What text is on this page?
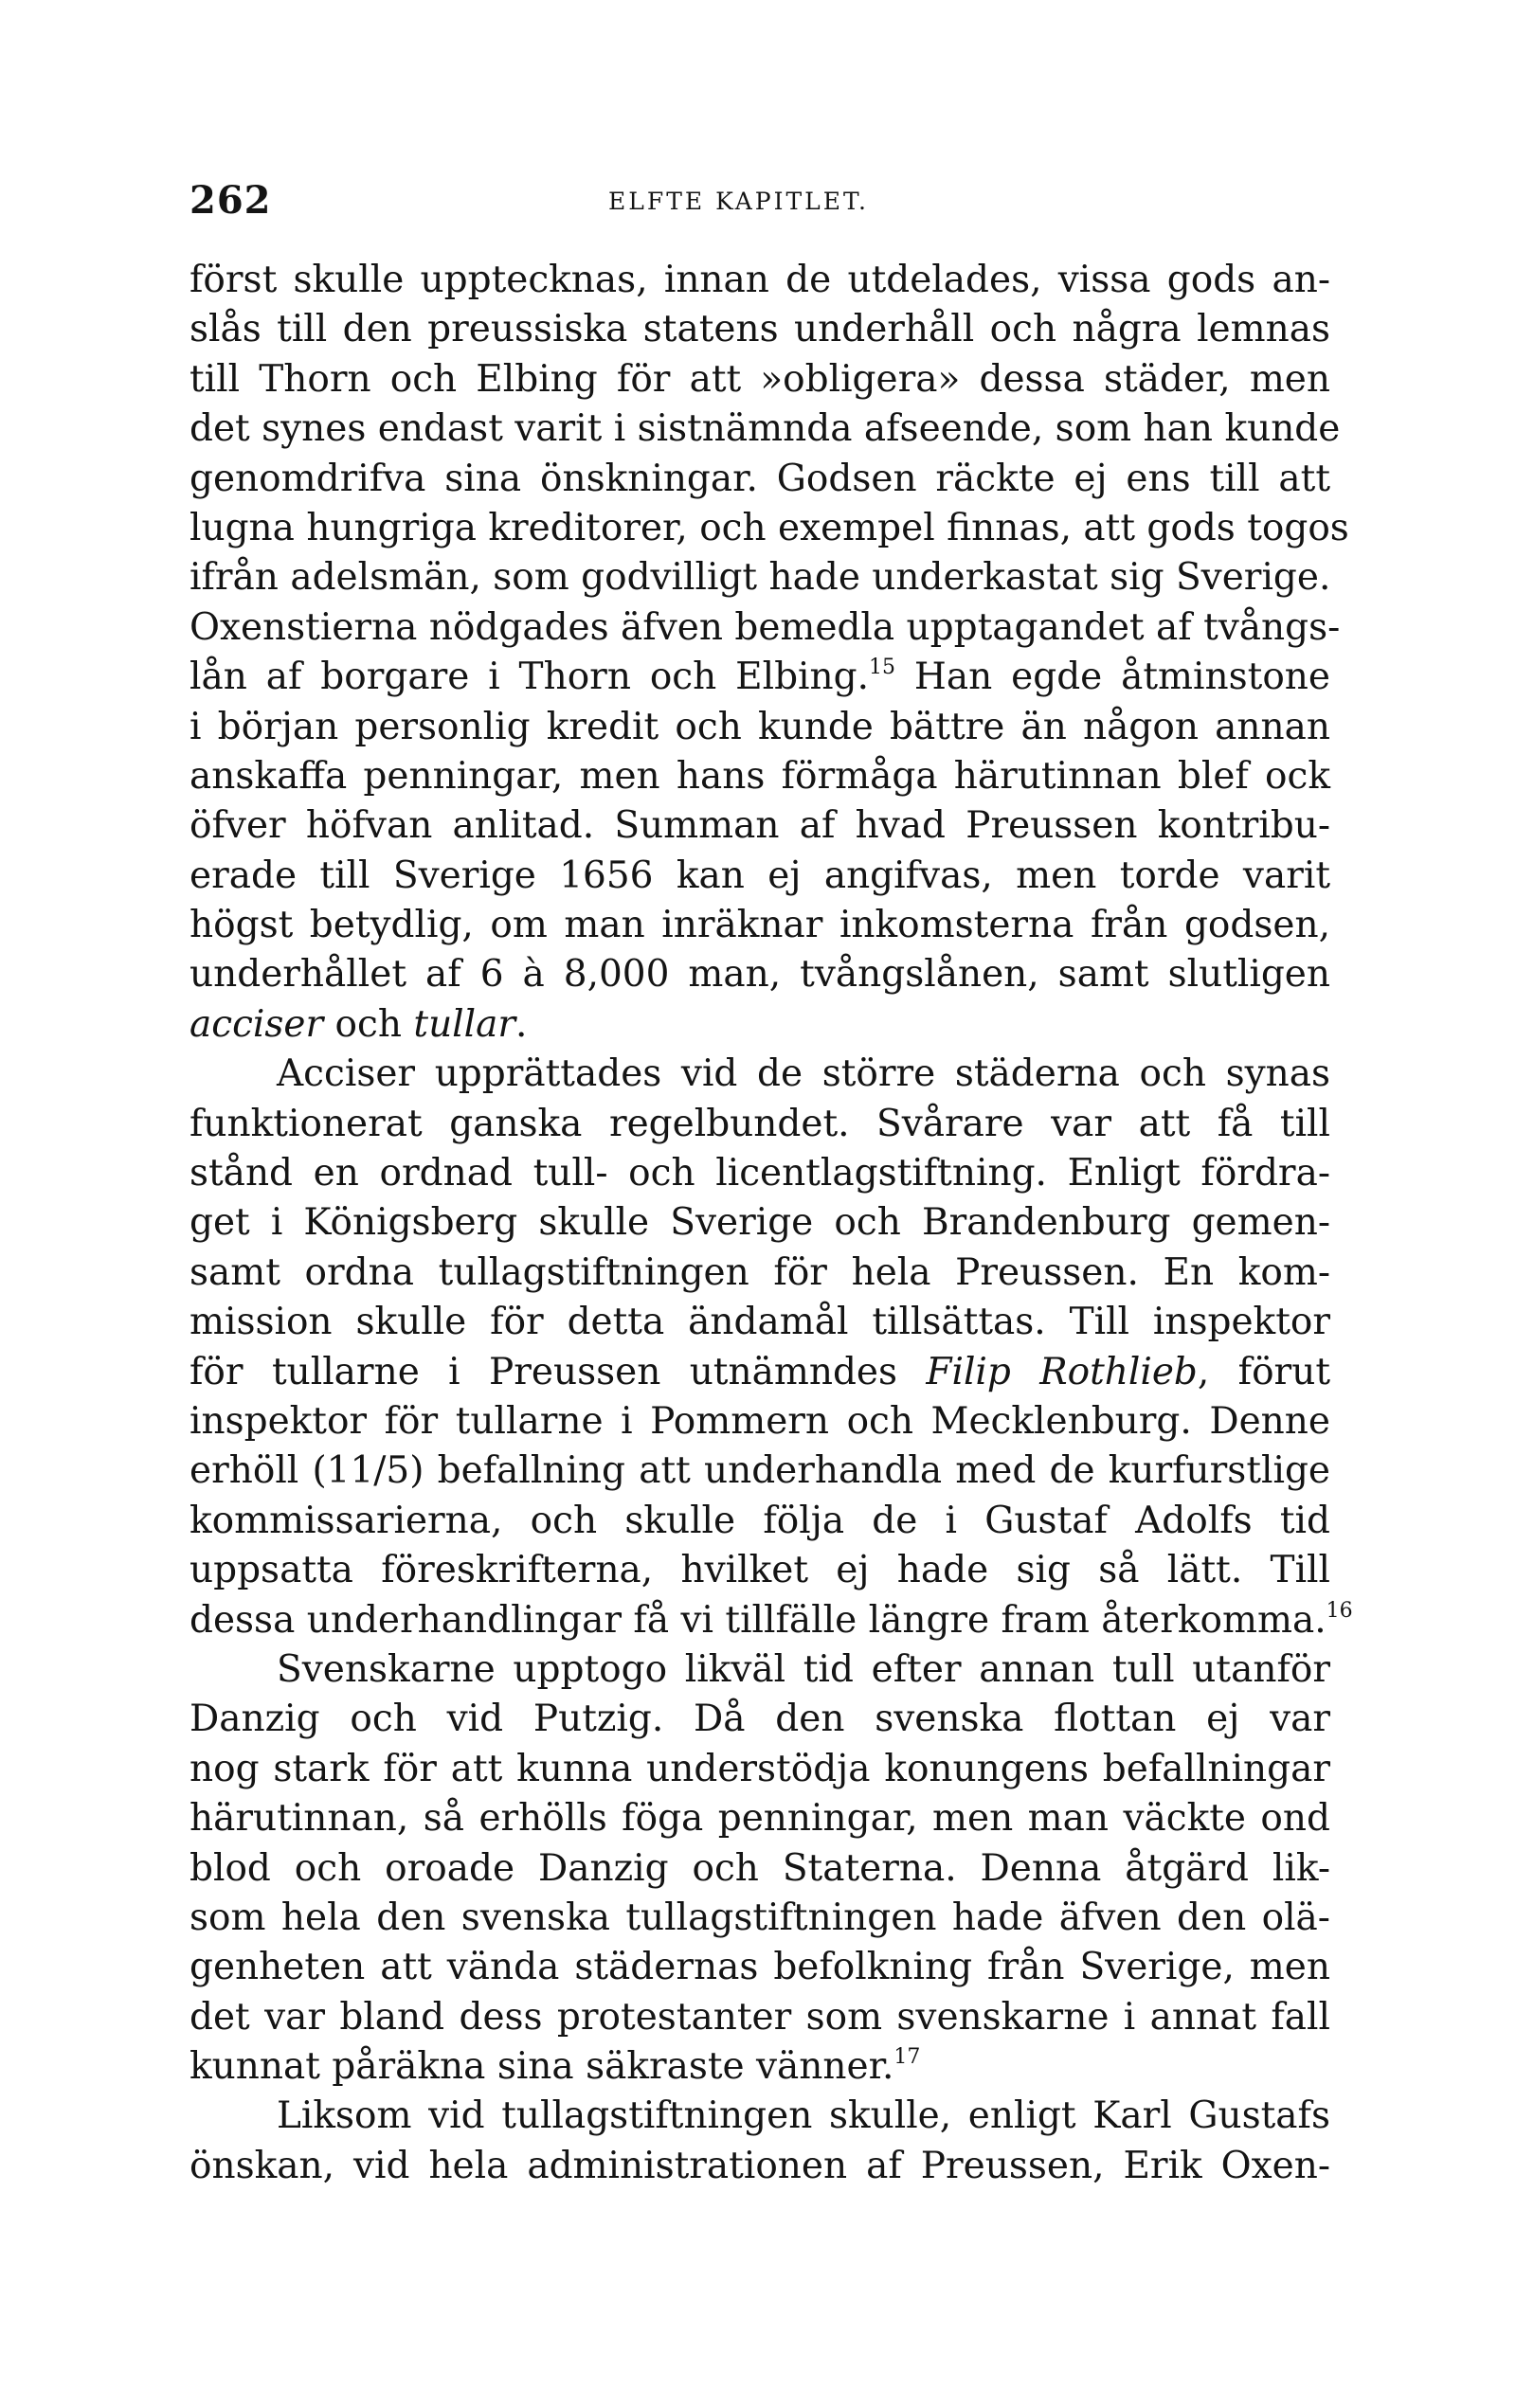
262	ELFTE KAPITLET.
först skulle upptecknas, innan de utdelades, vissa gods an-
slås till den preussiska statens underhåll och några lemnas
till Thorn och Elbing för att »obligera» dessa städer, men
det synes endast varit i sistnämnda afseende, som han kunde
genomdrifva sina önskningar. Godsen räckte ej ens till att
lugna hungriga kreditorer, och exempel finnas, att gods togos
ifrån adelsmän, som godvilligt hade underkastat sig Sverige.
Oxenstierna nödgades äfven bemedla upptagandet af tvångs-
lån af borgare i Thorn och Elbing.$^{15}$ Han egde åtminstone
i början personlig kredit och kunde bättre än någon annan
anskaffa penningar, men hans förmåga härutinnan blef ock
öfver höfvan anlitad. Summan af hvad Preussen kontribu-
erade till Sverige 1656 kan ej angifvas, men torde varit
högst betydlig, om man inräknar inkomsterna från godsen,
underhållet af 6 à 8,000 man, tvångslånen, samt slutligen
acciser och tullar.
Acciser upprättades vid de större städerna och synas
funktionerat ganska regelbundet. Svårare var att få till
stånd en ordnad tull- och licentlagstiftning. Enligt fördra-
get i Königsberg skulle Sverige och Brandenburg gemen-
samt ordna tullagstiftningen för hela Preussen. En kom-
mission skulle för detta ändamål tillsättas. Till inspektor
för tullarne i Preussen utnämndes Filip Rothlieb, förut
inspektor för tullarne i Pommern och Mecklenburg. Denne
erhöll (11/5) befallning att underhandla med de kurfurstlige
kommissarierna, och skulle följa de i Gustaf Adolfs tid
uppsatta föreskrifterna, hvilket ej hade sig så lätt. Till
dessa underhandlingar få vi tillfälle längre fram återkomma.$^{16}$
Svenskarne upptogo likväl tid efter annan tull utanför
Danzig och vid Putzig. Då den svenska flottan ej var
nog stark för att kunna understödja konungens befallningar
härutinnan, så erhölls föga penningar, men man väckte ond
blod och oroade Danzig och Staterna. Denna åtgärd lik-
som hela den svenska tullagstiftningen hade äfven den olä-
genheten att vända städernas befolkning från Sverige, men
det var bland dess protestanter som svenskarne i annat fall
kunnat påräkna sina säkraste vänner.$^{17}$
Liksom vid tullagstiftningen skulle, enligt Karl Gustafs
önskan, vid hela administrationen af Preussen, Erik Oxen-
